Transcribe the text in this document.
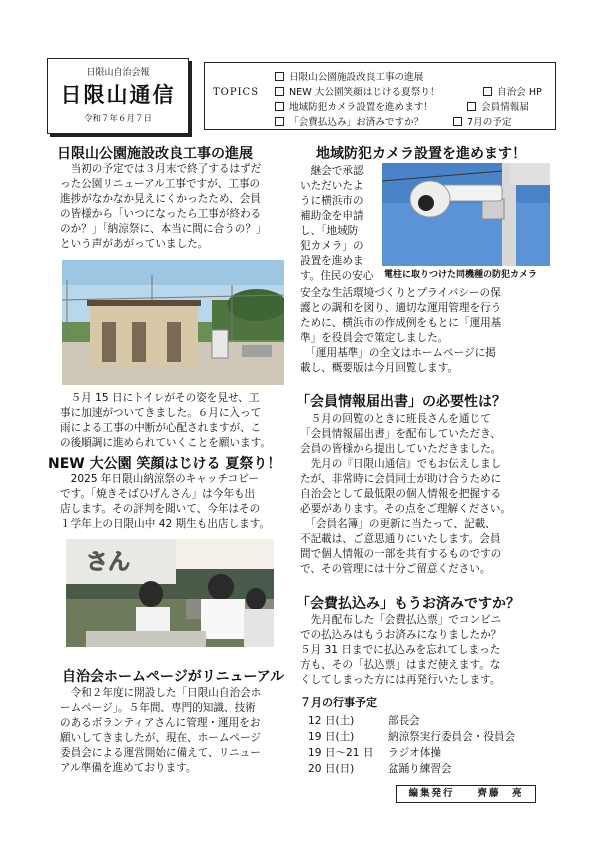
日限山自治会報
日限山通信
令和７年６月７日
TOPICS
日限山公園施設改良工事の進展
NEW 大公園笑顔はじける夏祭り！	自治会 HP
地域防犯カメラ設置を進めます！	会員情報届
「会費払込み」お済みですか？	7月の予定
日限山公園施設改良工事の進展
　当初の予定では３月末で終了するはずだ
った公園リニューアル工事ですが、工事の
進捗がなかなか見えにくかったため、会員
の皆様から「いつになったら工事が終わる
のか？」「納涼祭に、本当に間に合うの？」
という声があがっていました。
　５月 15 日にトイレがその姿を見せ、工
事に加速がついてきました。６月に入って
雨による工事の中断が心配されますが、こ
の後順調に進められていくことを願います。
NEW 大公園 笑顔はじける 夏祭り！
　2025 年日限山納涼祭のキャッチコピー
です。「焼きそばひげんさん」は今年も出
店します。その評判を聞いて、今年はその
１学年上の日限山中 42 期生も出店します。
さん
自治会ホームページがリニューアル
　令和２年度に開設した「日限山自治会ホ
ームページ」。５年間、専門的知識、技術
のあるボランティアさんに管理・運用をお
願いしてきましたが、現在、ホームページ
委員会による運営開始に備えて、リニュー
アル準備を進めております。
地域防犯カメラ設置を進めます！
　継会で承認
いただいたよ
うに横浜市の
補助金を申請
し、「地域防
犯カメラ」の
設置を進めま
す。住民の安心 電柱に取りつけた同機種の防犯カメラ
安全な生活環境づくりとプライバシーの保
護との調和を図り、適切な運用管理を行う
ために、横浜市の作成例をもとに「運用基
準」を役員会で策定しました。
　「運用基準」の全文はホームページに掲
載し、概要版は今月回覧します。
「会員情報届出書」の必要性は？
　５月の回覧のときに班長さんを通じて
「会員情報届出書」を配布していただき、
会員の皆様から提出していただきました。
　先月の『日限山通信』でもお伝えしまし
たが、非常時に会員同士が助け合うために
自治会として最低限の個人情報を把握する
必要があります。その点をご理解ください。
　「会員名簿」の更新に当たって、記載、
不記載は、ご意思通りにいたします。会員
間で個人情報の一部を共有するものですの
で、その管理には十分ご留意ください。
「会費払込み」もうお済みですか？
　先月配布した「会費払込票」でコンビニ
での払込みはもうお済みになりましたか？
５月 31 日までに払込みを忘れてしまった
方も、その「払込票」はまだ使えます。な
くしてしまった方には再発行いたします。
７月の行事予定
12 日(土)	部長会
19 日(土)	納涼祭実行委員会・役員会
19 日～21 日 ラジオ体操
20 日(日)	盆踊り練習会
編集発行　　齊藤　亮
